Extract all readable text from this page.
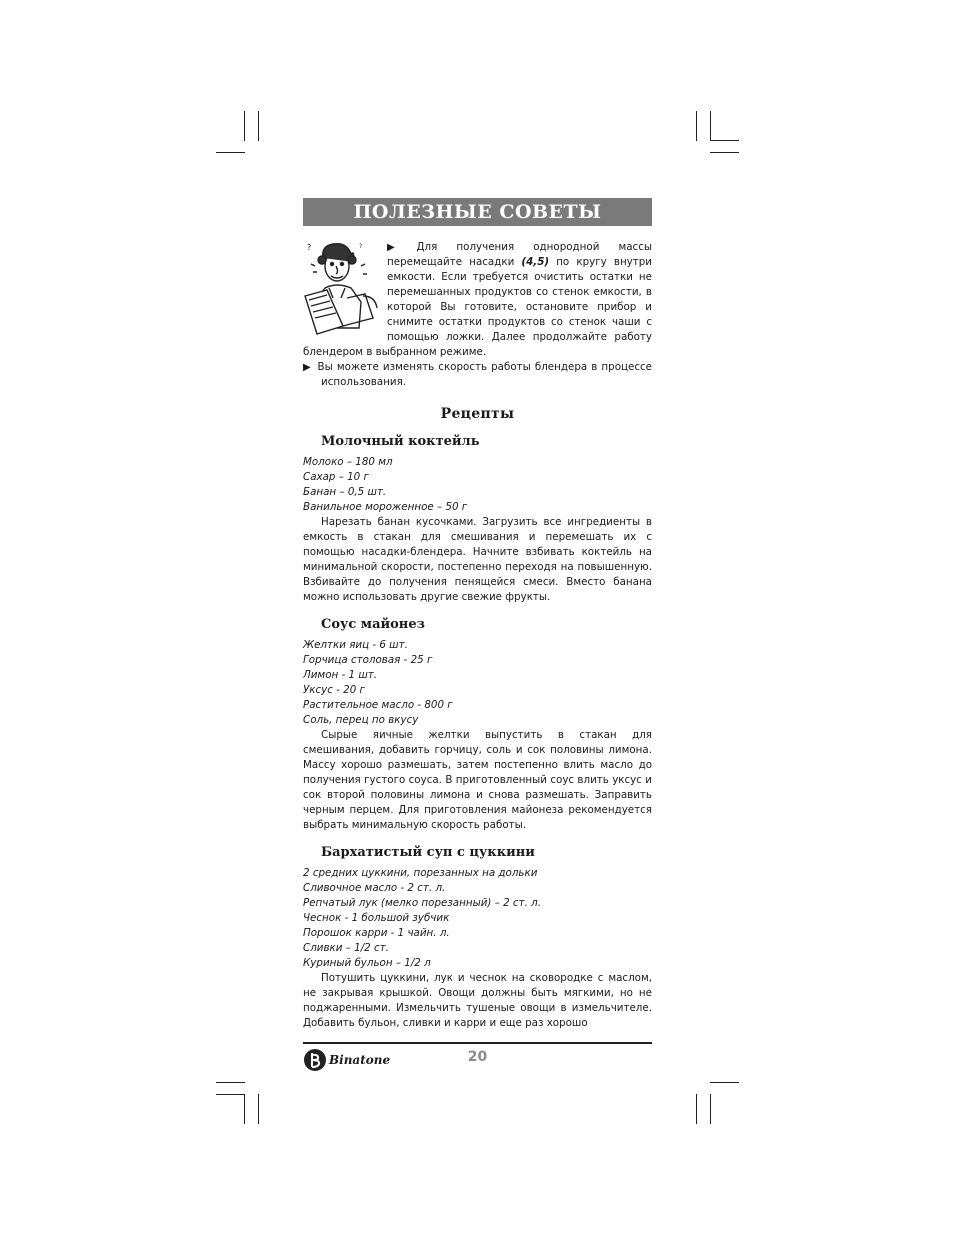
ПОЛЕЗНЫЕ СОВЕТЫ
?	?	▶ Для получения однородной массы перемещайте насадки (4,5) по кругу внутри емкости. Если требуется очистить остатки не перемешанных продуктов со стенок емкости, в которой Вы готовите, остановите прибор и снимите остатки продуктов со стенок чаши с помощью ложки. Далее продолжайте работу блендером в выбранном режиме.
▶ Вы можете изменять скорость работы блендера в процессе использования.
Рецепты
Молочный коктейль
Молоко – 180 мл
Сахар – 10 г
Банан – 0,5 шт.
Ванильное мороженное – 50 г
Нарезать банан кусочками. Загрузить все ингредиенты в емкость в стакан для смешивания и перемешать их с помощью насадки-блендера. Начните взбивать коктейль на минимальной скорости, постепенно переходя на повышенную. Взбивайте до получения пенящейся смеси. Вместо банана можно использовать другие свежие фрукты.
Соус майонез
Желтки яиц - 6 шт.
Горчица столовая - 25 г
Лимон - 1 шт.
Уксус - 20 г
Растительное масло - 800 г
Соль, перец по вкусу
Сырые яичные желтки выпустить в стакан для смешивания, добавить горчицу, соль и сок половины лимона. Массу хорошо размешать, затем постепенно влить масло до получения густого соуса. В приготовленный соус влить уксус и сок второй половины лимона и снова размешать. Заправить черным перцем. Для приготовления майонеза рекомендуется выбрать минимальную скорость работы.
Бархатистый суп с цуккини
2 средних цуккини, порезанных на дольки
Сливочное масло - 2 ст. л.
Репчатый лук (мелко порезанный) – 2 ст. л.
Чеснок - 1 большой зубчик
Порошок карри - 1 чайн. л.
Сливки – 1/2 ст.
Куриный бульон – 1/2 л
Потушить цуккини, лук и чеснок на сковородке с маслом, не закрывая крышкой. Овощи должны быть мягкими, но не поджаренными. Измельчить тушеные овощи в измельчителе. Добавить бульон, сливки и карри и еще раз хорошо
Binatone	20
